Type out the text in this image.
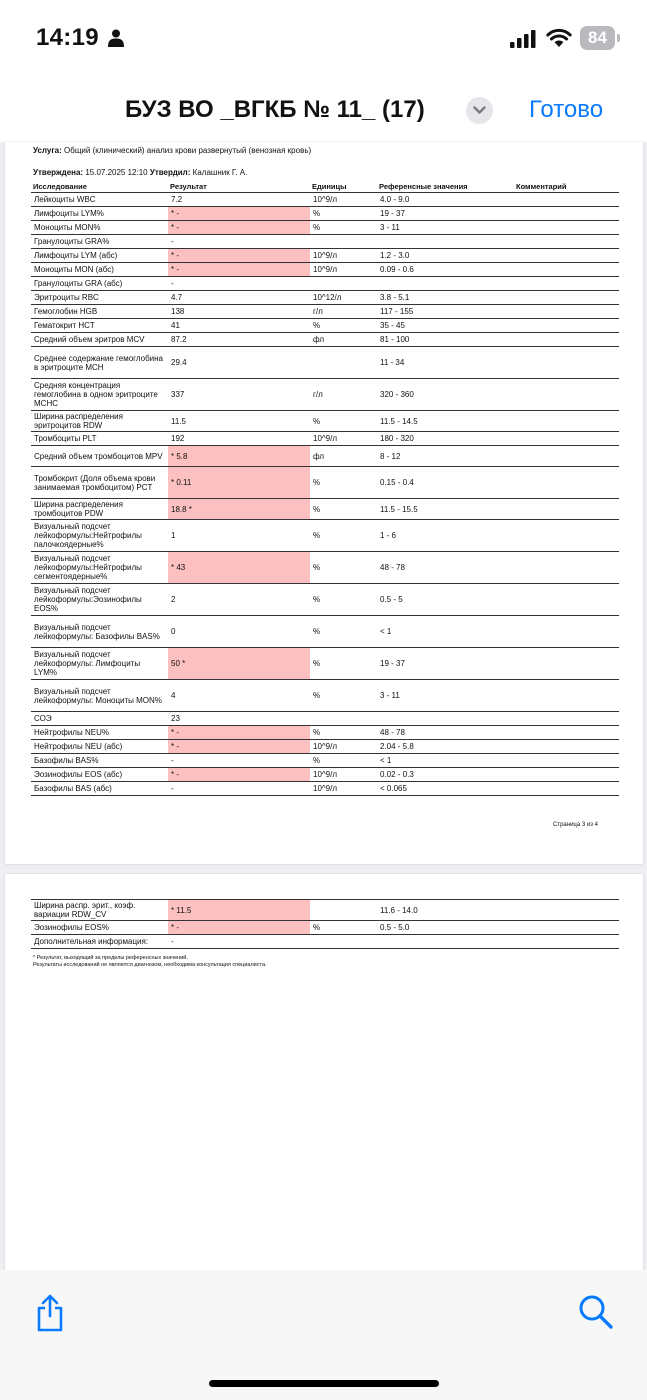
14:19	84
БУЗ ВО _ВГКБ № 11_ (17)	Готово
Услуга: Общий (клинический) анализ крови развернутый (венозная кровь)
Утверждена: 15.07.2025 12:10 Утвердил: Калашник Г. А.
Исследование	Результат	Единицы	Референсные значения	Комментарий
Лейкоциты WBC	7.2	10^9/л	4.0 - 9.0	
Лимфоциты LYM%	* -	%	19 - 37	
Моноциты MON%	* -	%	3 - 11	
Гранулоциты GRA%	-			
Лимфоциты LYM (абс)	* -	10^9/л	1.2 - 3.0	
Моноциты MON (абс)	* -	10^9/л	0.09 - 0.6	
Гранулоциты GRA (абс)	-			
Эритроциты RBC	4.7	10^12/л	3.8 - 5.1	
Гемоглобин HGB	138	г/л	117 - 155	
Гематокрит HCT	41	%	35 - 45	
Средний объем эритров MCV	87.2	фл	81 - 100	
Среднее содержание гемоглобина в эритроците МСН	29.4		11 - 34	
Средняя концентрация гемоглобина в одном эритроците МСНС	337	г/л	320 - 360	
Ширина распределения эритроцитов RDW	11.5	%	11.5 - 14.5	
Тромбоциты PLT	192	10^9/л	180 - 320	
Средний объем тромбоцитов MPV	* 5.8	фл	8 - 12	
Тромбокрит (Доля объема крови занимаемая тромбоцитом) PCT	* 0.11	%	0.15 - 0.4	
Ширина распределения тромбоцитов PDW	18.8 *	%	11.5 - 15.5	
Визуальный подсчет лейкоформулы:Нейтрофилы палочкоядерные%	1	%	1 - 6	
Визуальный подсчет лейкоформулы:Нейтрофилы сегментоядерные%	* 43	%	48 - 78	
Визуальный подсчет лейкоформулы:Эозинофилы EOS%	2	%	0.5 - 5	
Визуальный подсчет лейкоформулы: Базофилы BAS%	0	%	< 1	
Визуальный подсчет лейкоформулы: Лимфоциты LYM%	50 *	%	19 - 37	
Визуальный подсчет лейкоформулы: Моноциты MON%	4	%	3 - 11	
СОЭ	23			
Нейтрофилы NEU%	* -	%	48 - 78	
Нейтрофилы NEU (абс)	* -	10^9/л	2.04 - 5.8	
Базофилы BAS%	-	%	< 1	
Эозинофилы EOS (абс)	* -	10^9/л	0.02 - 0.3	
Базофилы BAS (абс)	-	10^9/л	< 0.065	
Страница 3 из 4
Ширина распр. эрит., коэф. вариации RDW_CV	* 11.5		11.6 - 14.0	
Эозинофилы EOS%	* -	%	0.5 - 5.0	
Дополнительная информация:	-			
* Результат, выходящий за пределы референсных значений.
Результаты исследований не являются диагнозом, необходима консультация специалиста.
